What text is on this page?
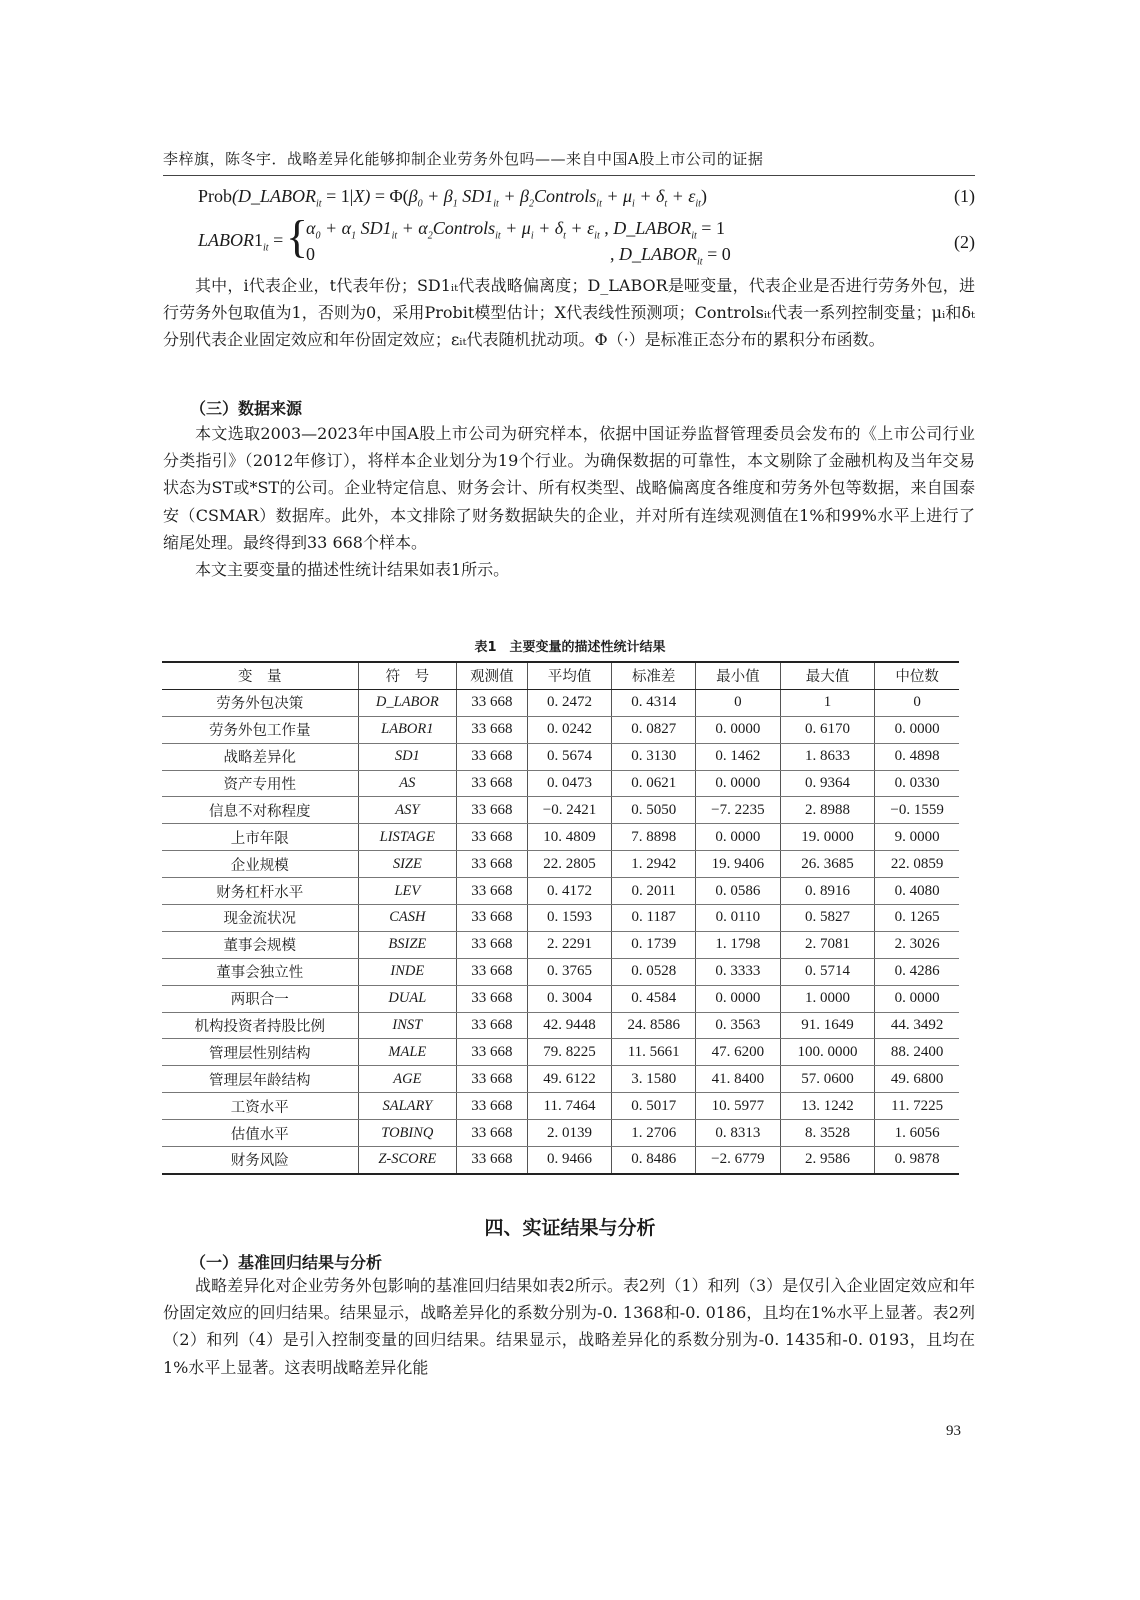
李梓旗，陈冬宇．战略差异化能够抑制企业劳务外包吗——来自中国A股上市公司的证据
$Prob(D\_LABOR_{it} = 1|X) = \Phi(\beta_0 + \beta_1$ $SD1_{it}$ + $\beta_2Controls_{it} + \mu_i + \delta_t + \varepsilon_{it}$)	(1)
$LABOR1_{it}$ = {
$\alpha_0 + \alpha_1$ $SD1_{it}$ + $\alpha_2Controls_{it} + \mu_i + \delta_t + \varepsilon_{it}$ , $D\_LABOR_{it} = 1$
0	, $D\_LABOR_{it} = 0$
(2)

其中，i代表企业，t代表年份；SD1ᵢₜ代表战略偏离度；D_LABOR是哑变量，代表企业是否进行劳务外包，进行劳务外包取值为1，否则为0，采用Probit模型估计；X代表线性预测项；Controlsᵢₜ代表一系列控制变量；μᵢ和δₜ分别代表企业固定效应和年份固定效应；εᵢₜ代表随机扰动项。Φ（·）是标准正态分布的累积分布函数。

（三）数据来源

本文选取2003—2023年中国A股上市公司为研究样本，依据中国证券监督管理委员会发布的《上市公司行业分类指引》（2012年修订），将样本企业划分为19个行业。为确保数据的可靠性，本文剔除了金融机构及当年交易状态为ST或*ST的公司。企业特定信息、财务会计、所有权类型、战略偏离度各维度和劳务外包等数据，来自国泰安（CSMAR）数据库。此外，本文排除了财务数据缺失的企业，并对所有连续观测值在1%和99%水平上进行了缩尾处理。最终得到33 668个样本。

本文主要变量的描述性统计结果如表1所示。

表1　主要变量的描述性统计结果
变　量	符　号	观测值	平均值	标准差	最小值	最大值	中位数
劳务外包决策	D_LABOR	33 668	0. 2472	0. 4314	0	1	0
劳务外包工作量	LABOR1	33 668	0. 0242	0. 0827	0. 0000	0. 6170	0. 0000
战略差异化	SD1	33 668	0. 5674	0. 3130	0. 1462	1. 8633	0. 4898
资产专用性	AS	33 668	0. 0473	0. 0621	0. 0000	0. 9364	0. 0330
信息不对称程度	ASY	33 668	−0. 2421	0. 5050	−7. 2235	2. 8988	−0. 1559
上市年限	LISTAGE	33 668	10. 4809	7. 8898	0. 0000	19. 0000	9. 0000
企业规模	SIZE	33 668	22. 2805	1. 2942	19. 9406	26. 3685	22. 0859
财务杠杆水平	LEV	33 668	0. 4172	0. 2011	0. 0586	0. 8916	0. 4080
现金流状况	CASH	33 668	0. 1593	0. 1187	0. 0110	0. 5827	0. 1265
董事会规模	BSIZE	33 668	2. 2291	0. 1739	1. 1798	2. 7081	2. 3026
董事会独立性	INDE	33 668	0. 3765	0. 0528	0. 3333	0. 5714	0. 4286
两职合一	DUAL	33 668	0. 3004	0. 4584	0. 0000	1. 0000	0. 0000
机构投资者持股比例	INST	33 668	42. 9448	24. 8586	0. 3563	91. 1649	44. 3492
管理层性别结构	MALE	33 668	79. 8225	11. 5661	47. 6200	100. 0000	88. 2400
管理层年龄结构	AGE	33 668	49. 6122	3. 1580	41. 8400	57. 0600	49. 6800
工资水平	SALARY	33 668	11. 7464	0. 5017	10. 5977	13. 1242	11. 7225
估值水平	TOBINQ	33 668	2. 0139	1. 2706	0. 8313	8. 3528	1. 6056
财务风险	Z-SCORE	33 668	0. 9466	0. 8486	−2. 6779	2. 9586	0. 9878
四、实证结果与分析
（一）基准回归结果与分析

战略差异化对企业劳务外包影响的基准回归结果如表2所示。表2列（1）和列（3）是仅引入企业固定效应和年份固定效应的回归结果。结果显示，战略差异化的系数分别为-0. 1368和-0. 0186，且均在1%水平上显著。表2列（2）和列（4）是引入控制变量的回归结果。结果显示，战略差异化的系数分别为-0. 1435和-0. 0193，且均在1%水平上显著。这表明战略差异化能

93
